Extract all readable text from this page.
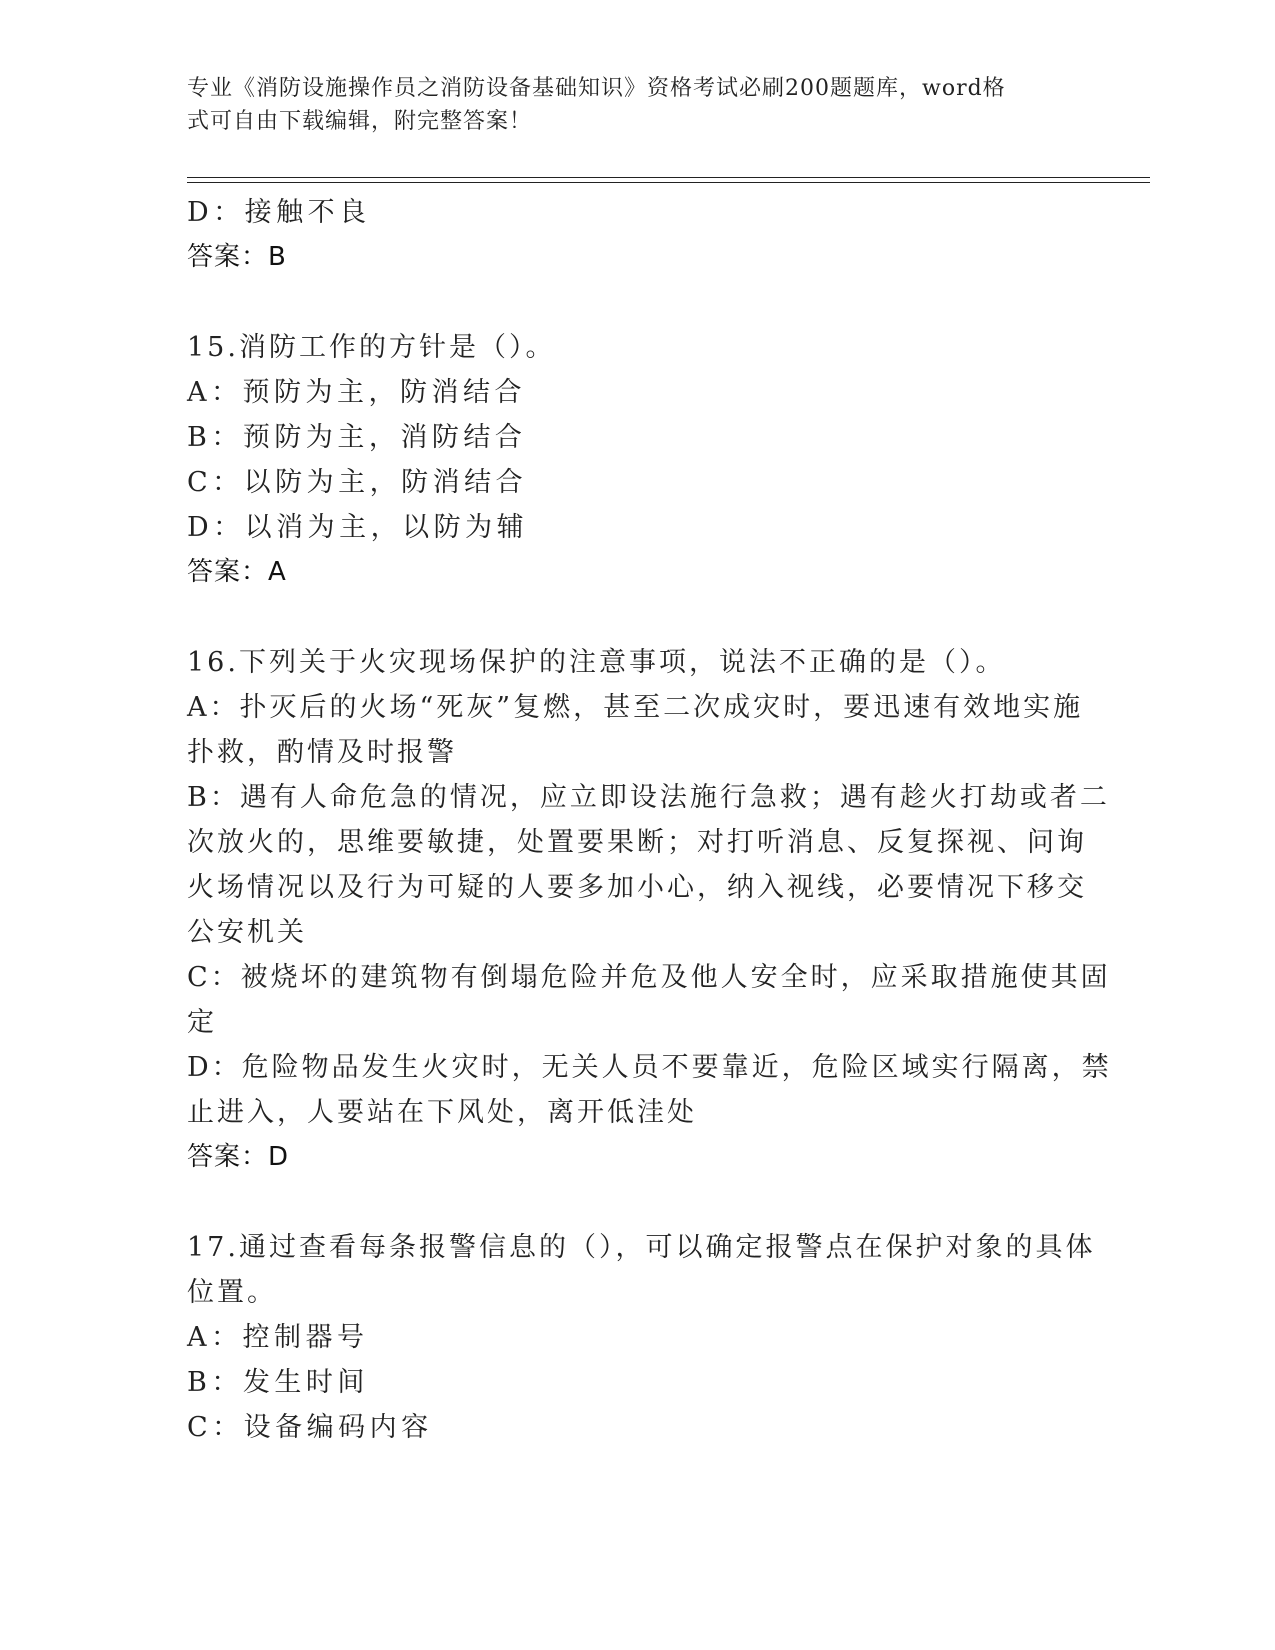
专业《消防设施操作员之消防设备基础知识》资格考试必刷200题题库，word格
式可自由下载编辑，附完整答案！
D：接触不良
答案：B
15.消防工作的方针是（）。
A：预防为主，防消结合
B：预防为主，消防结合
C：以防为主，防消结合
D：以消为主，以防为辅
答案：A
16.下列关于火灾现场保护的注意事项，说法不正确的是（）。
A：扑灭后的火场“死灰”复燃，甚至二次成灾时，要迅速有效地实施
扑救，酌情及时报警
B：遇有人命危急的情况，应立即设法施行急救；遇有趁火打劫或者二
次放火的，思维要敏捷，处置要果断；对打听消息、反复探视、问询
火场情况以及行为可疑的人要多加小心，纳入视线，必要情况下移交
公安机关
C：被烧坏的建筑物有倒塌危险并危及他人安全时，应采取措施使其固
定
D：危险物品发生火灾时，无关人员不要靠近，危险区域实行隔离，禁
止进入，人要站在下风处，离开低洼处
答案：D
17.通过查看每条报警信息的（），可以确定报警点在保护对象的具体
位置。
A：控制器号
B：发生时间
C：设备编码内容
